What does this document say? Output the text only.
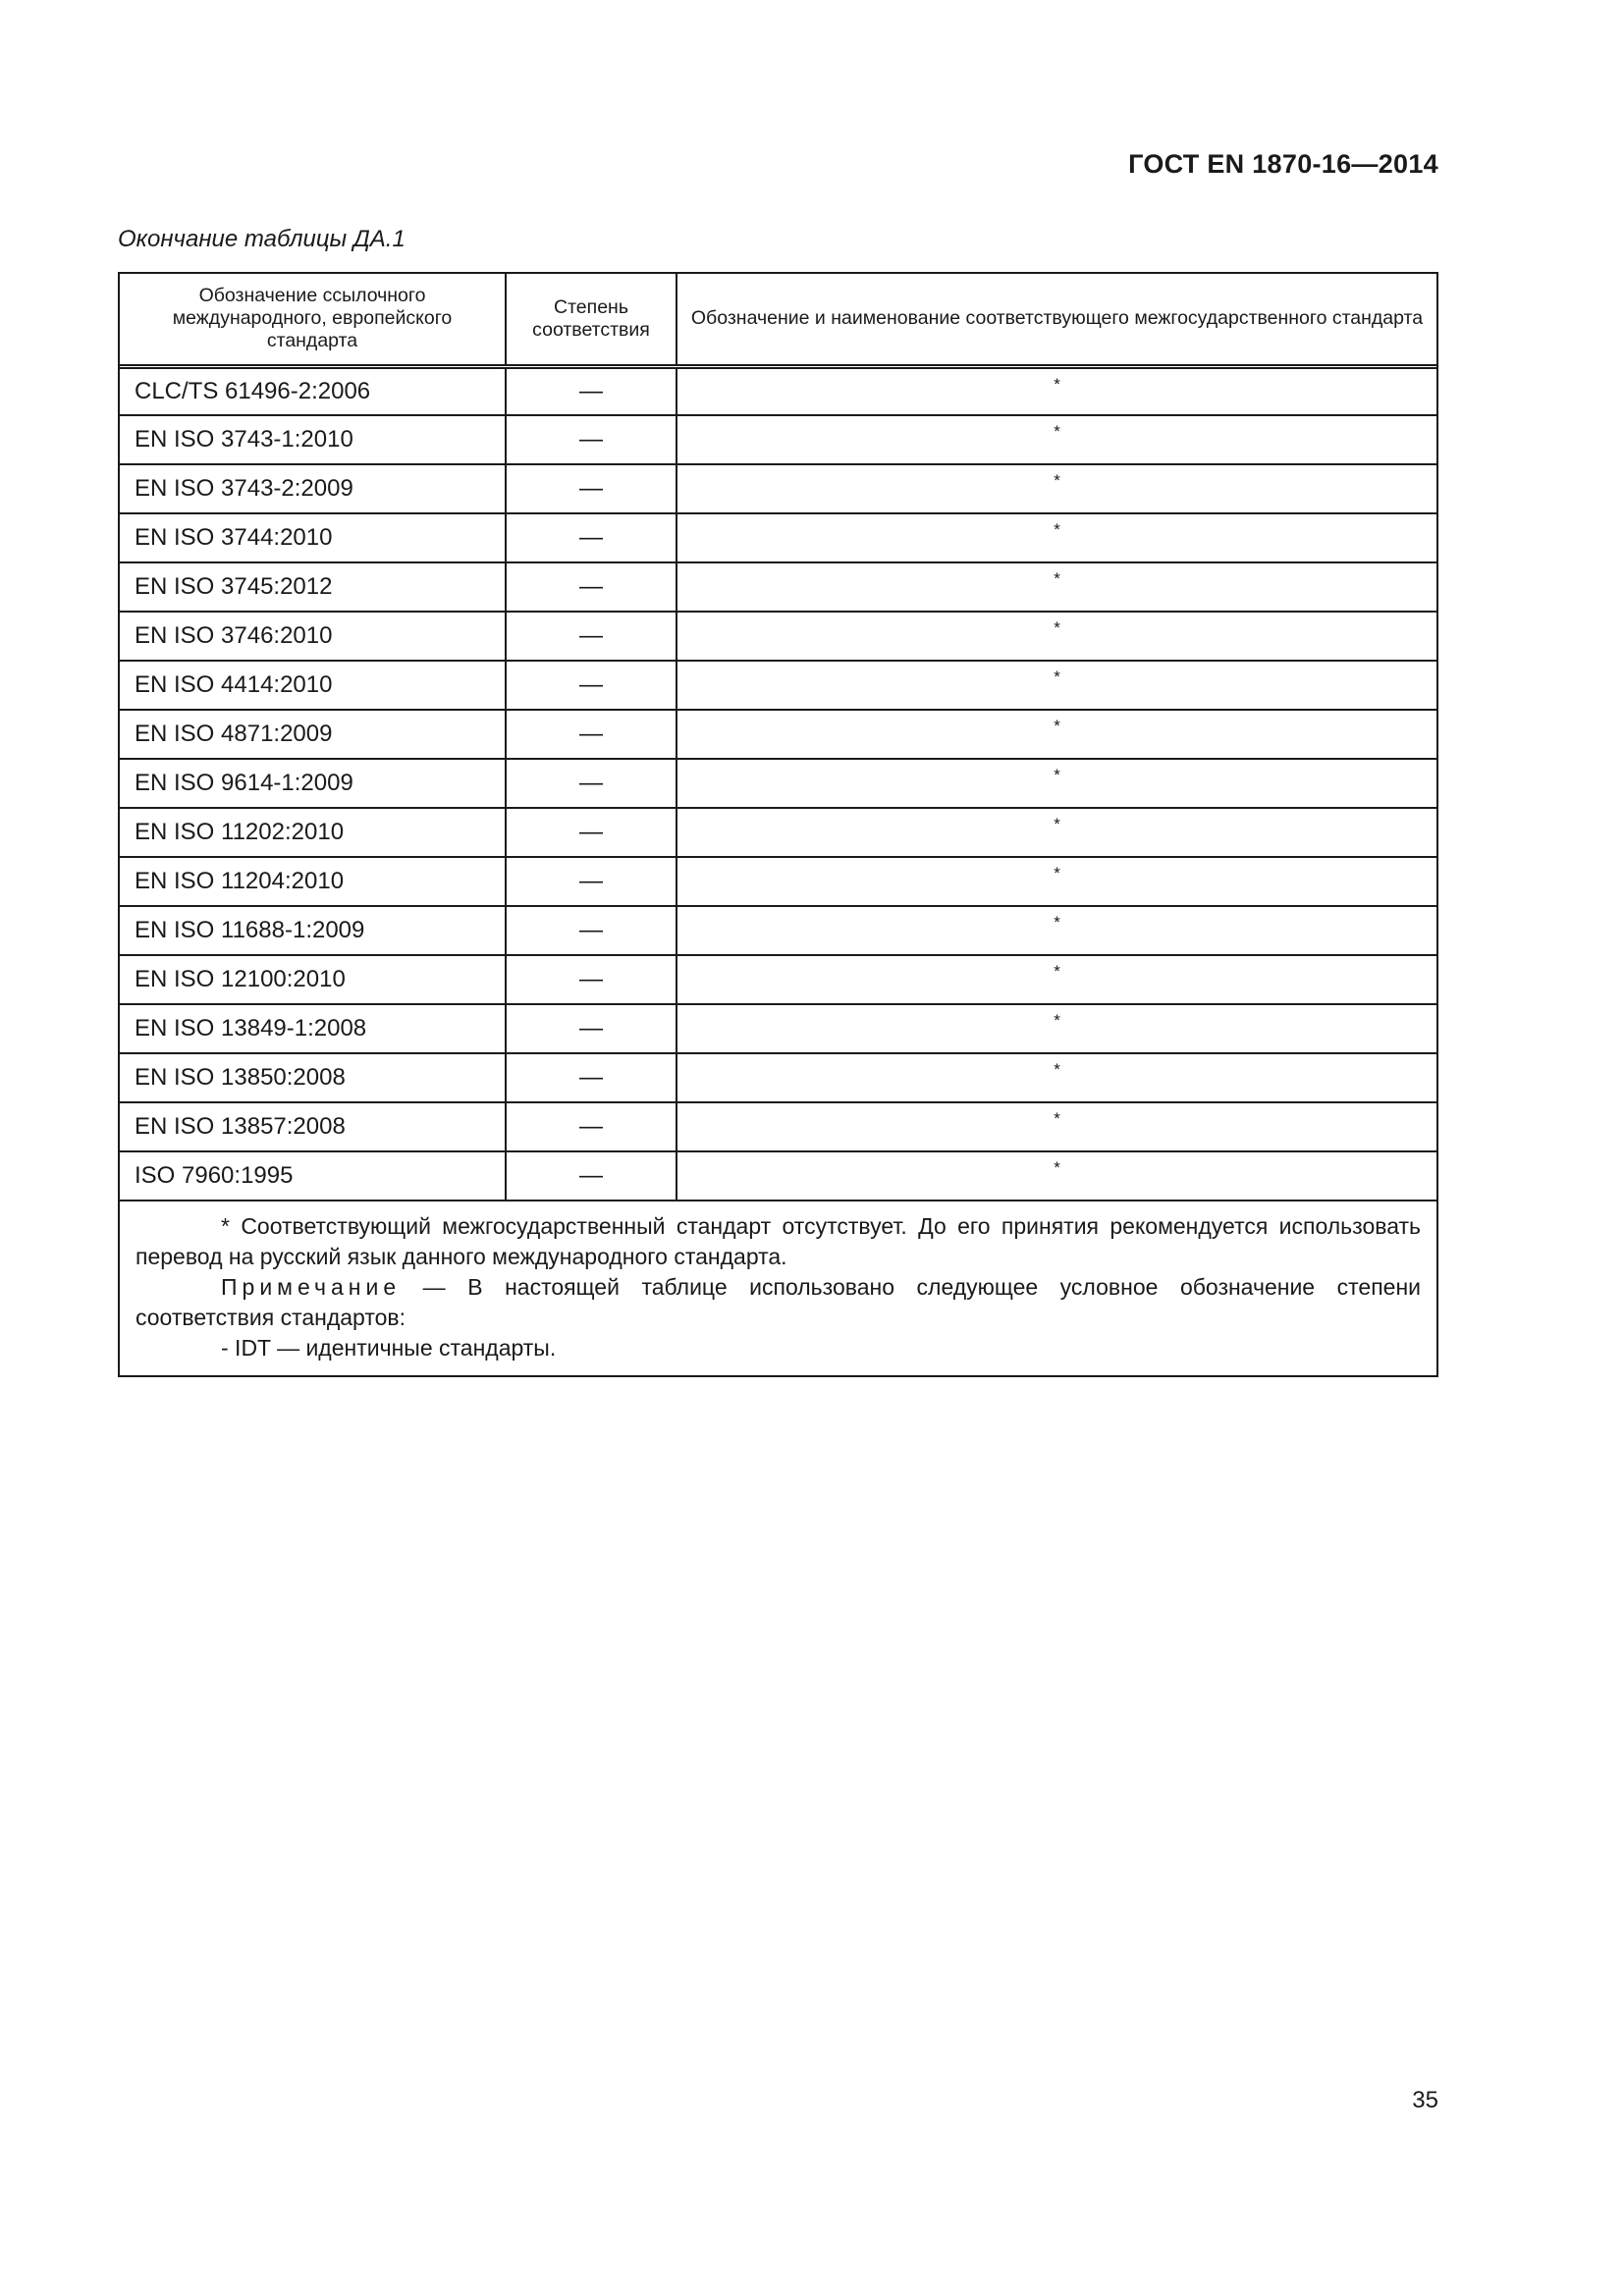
ГОСТ EN 1870-16—2014
Окончание таблицы ДА.1
Обозначение ссылочного международного, европейского стандарта	Степень соответствия	Обозначение и наименование соответствующего межгосударственного стандарта
CLC/TS 61496-2:2006	—	*
EN ISO 3743-1:2010	—	*
EN ISO 3743-2:2009	—	*
EN ISO 3744:2010	—	*
EN ISO 3745:2012	—	*
EN ISO 3746:2010	—	*
EN ISO 4414:2010	—	*
EN ISO 4871:2009	—	*
EN ISO 9614-1:2009	—	*
EN ISO 11202:2010	—	*
EN ISO 11204:2010	—	*
EN ISO 11688-1:2009	—	*
EN ISO 12100:2010	—	*
EN ISO 13849-1:2008	—	*
EN ISO 13850:2008	—	*
EN ISO 13857:2008	—	*
ISO 7960:1995	—	*

* Соответствующий межгосударственный стандарт отсутствует. До его принятия рекомендуется использовать перевод на русский язык данного международного стандарта.

Примечание — В настоящей таблице использовано следующее условное обозначение степени соответствия стандартов:

- IDT — идентичные стандарты.

35
